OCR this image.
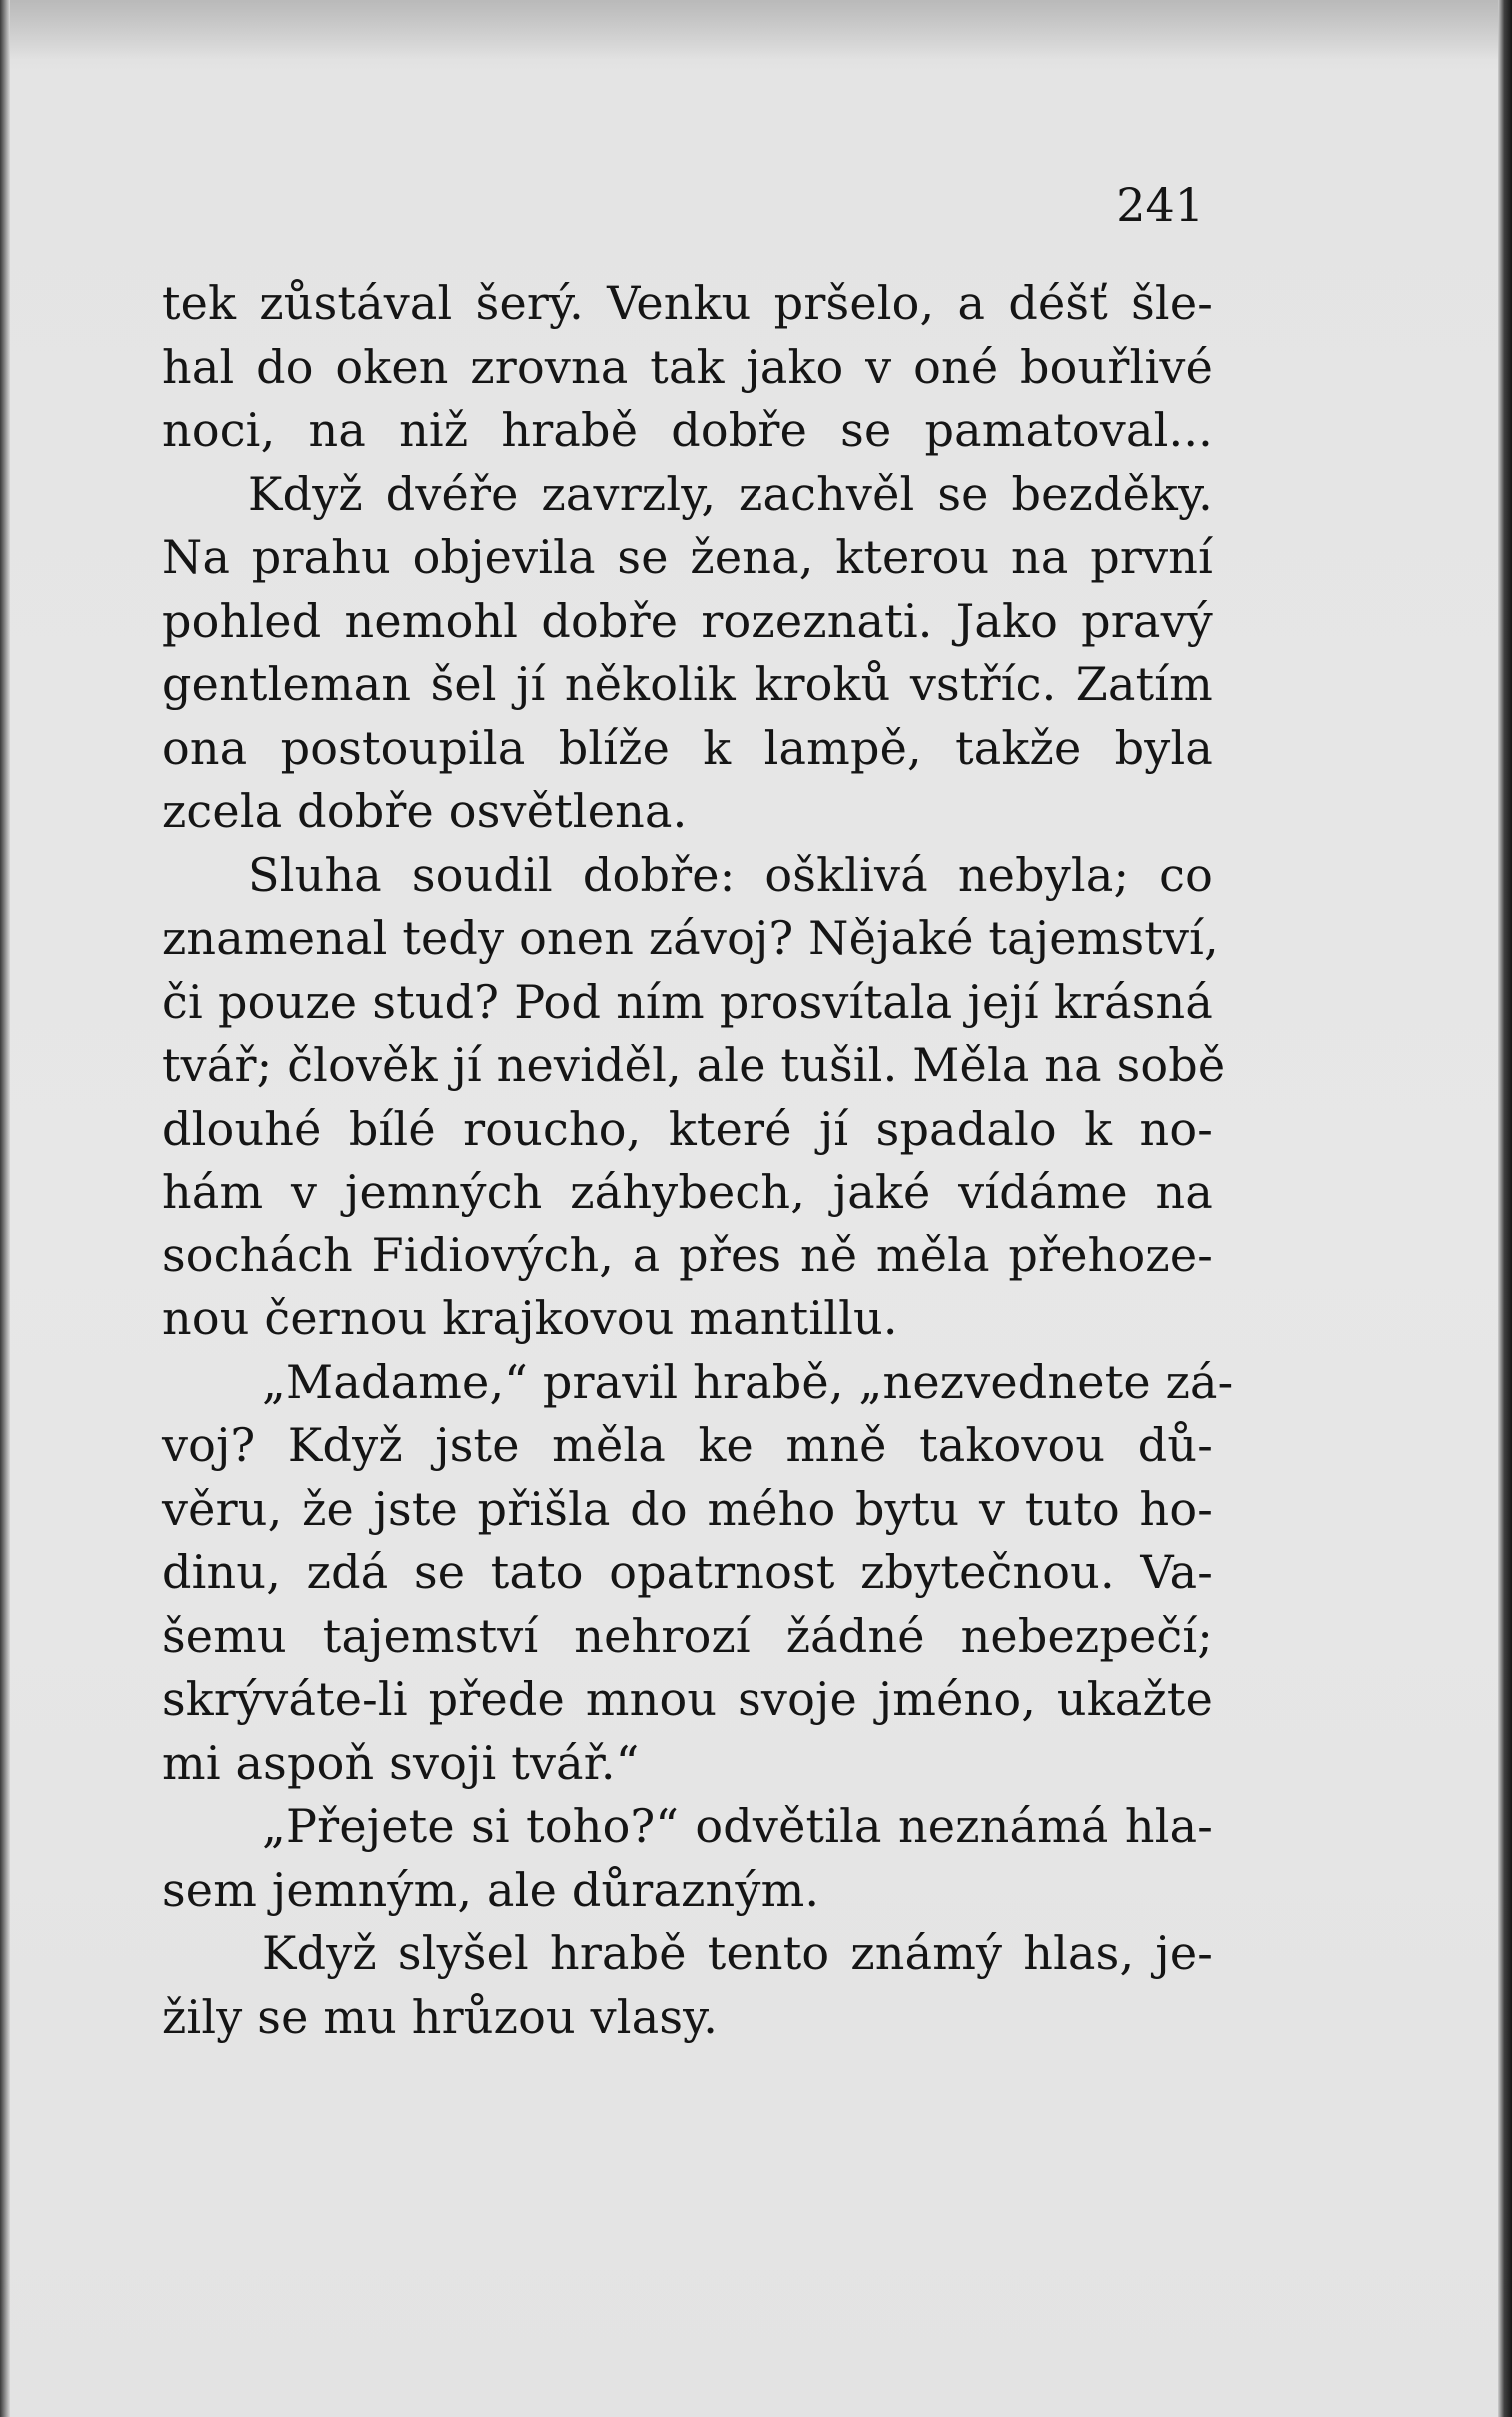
241
tek zůstával šerý. Venku pršelo, a déšť šle-
hal do oken zrovna tak jako v oné bouřlivé
noci, na niž hrabě dobře se pamatoval...
Když dvéře zavrzly, zachvěl se bezděky.
Na prahu objevila se žena, kterou na první
pohled nemohl dobře rozeznati. Jako pravý
gentleman šel jí několik kroků vstříc. Zatím
ona postoupila blíže k lampě, takže byla
zcela dobře osvětlena.
Sluha soudil dobře: ošklivá nebyla; co
znamenal tedy onen závoj? Nějaké tajemství,
či pouze stud? Pod ním prosvítala její krásná
tvář; člověk jí neviděl, ale tušil. Měla na sobě
dlouhé bílé roucho, které jí spadalo k no-
hám v jemných záhybech, jaké vídáme na
sochách Fidiových, a přes ně měla přehoze-
nou černou krajkovou mantillu.
„Madame,“ pravil hrabě, „nezvednete zá-
voj? Když jste měla ke mně takovou dů-
věru, že jste přišla do mého bytu v tuto ho-
dinu, zdá se tato opatrnost zbytečnou. Va-
šemu tajemství nehrozí žádné nebezpečí;
skrýváte-li přede mnou svoje jméno, ukažte
mi aspoň svoji tvář.“
„Přejete si toho?“ odvětila neznámá hla-
sem jemným, ale důrazným.
Když slyšel hrabě tento známý hlas, je-
žily se mu hrůzou vlasy.
